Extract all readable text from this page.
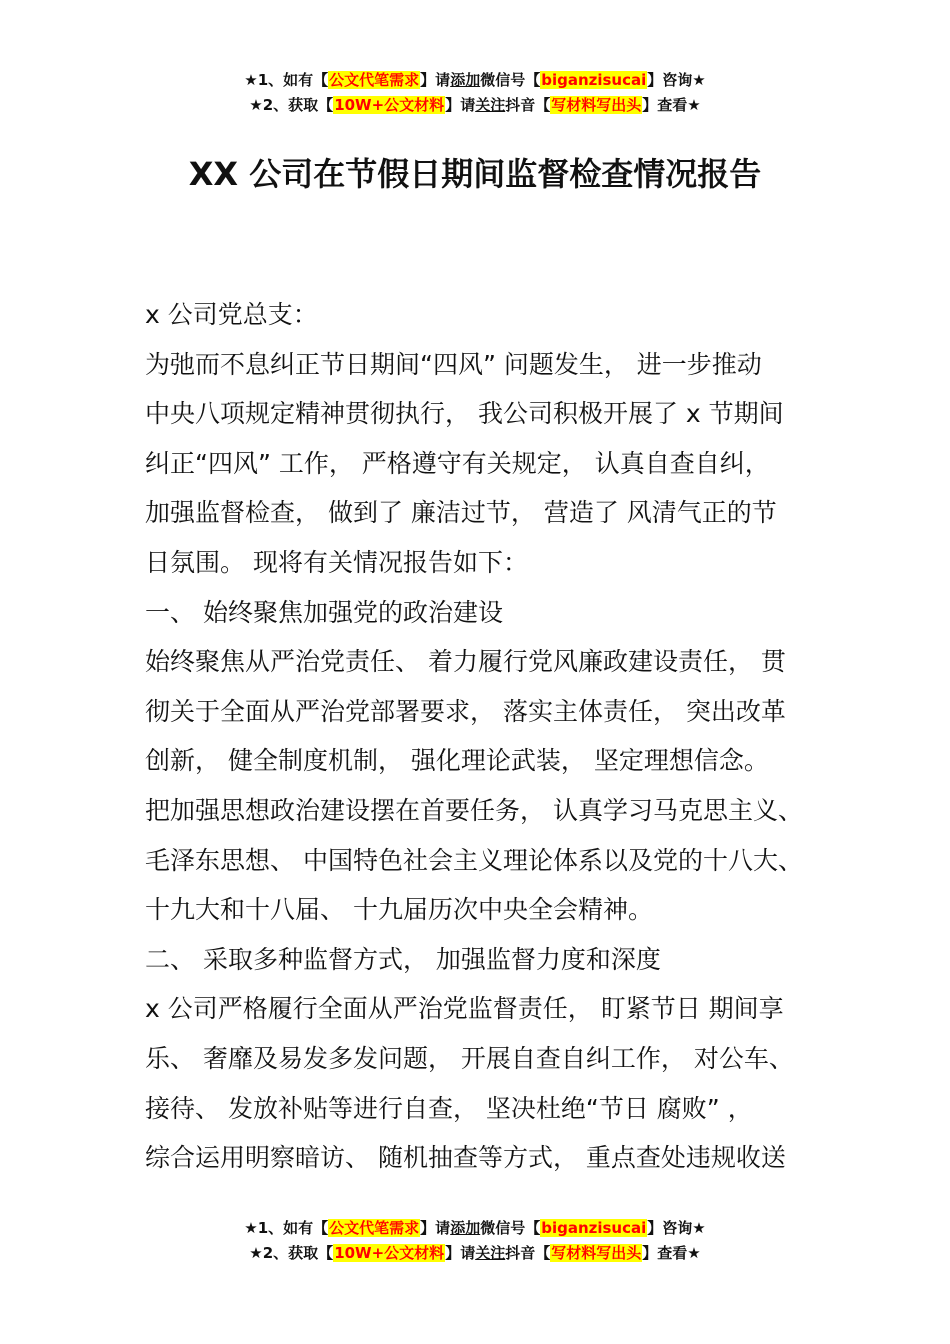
★1、如有【公文代笔需求】请添加微信号【biganzisucai】咨询★
★2、获取【10W+公文材料】请关注抖音【写材料写出头】查看★
XX 公司在节假日期间监督检查情况报告
x 公司党总支：
为弛而不息纠正节日期间“四风” 问题发生， 进一步推动
中央八项规定精神贯彻执行， 我公司积极开展了 x 节期间
纠正“四风” 工作， 严格遵守有关规定， 认真自查自纠，
加强监督检查， 做到了 廉洁过节， 营造了 风清气正的节
日氛围。 现将有关情况报告如下：
一、 始终聚焦加强党的政治建设
始终聚焦从严治党责任、 着力履行党风廉政建设责任， 贯
彻关于全面从严治党部署要求， 落实主体责任， 突出改革
创新， 健全制度机制， 强化理论武装， 坚定理想信念。
把加强思想政治建设摆在首要任务， 认真学习马克思主义、
毛泽东思想、 中国特色社会主义理论体系以及党的十八大、
十九大和十八届、 十九届历次中央全会精神。
二、 采取多种监督方式， 加强监督力度和深度
x 公司严格履行全面从严治党监督责任， 盯紧节日 期间享
乐、 奢靡及易发多发问题， 开展自查自纠工作， 对公车、
接待、 发放补贴等进行自查， 坚决杜绝“节日 腐败” ，
综合运用明察暗访、 随机抽查等方式， 重点查处违规收送
★1、如有【公文代笔需求】请添加微信号【biganzisucai】咨询★
★2、获取【10W+公文材料】请关注抖音【写材料写出头】查看★
